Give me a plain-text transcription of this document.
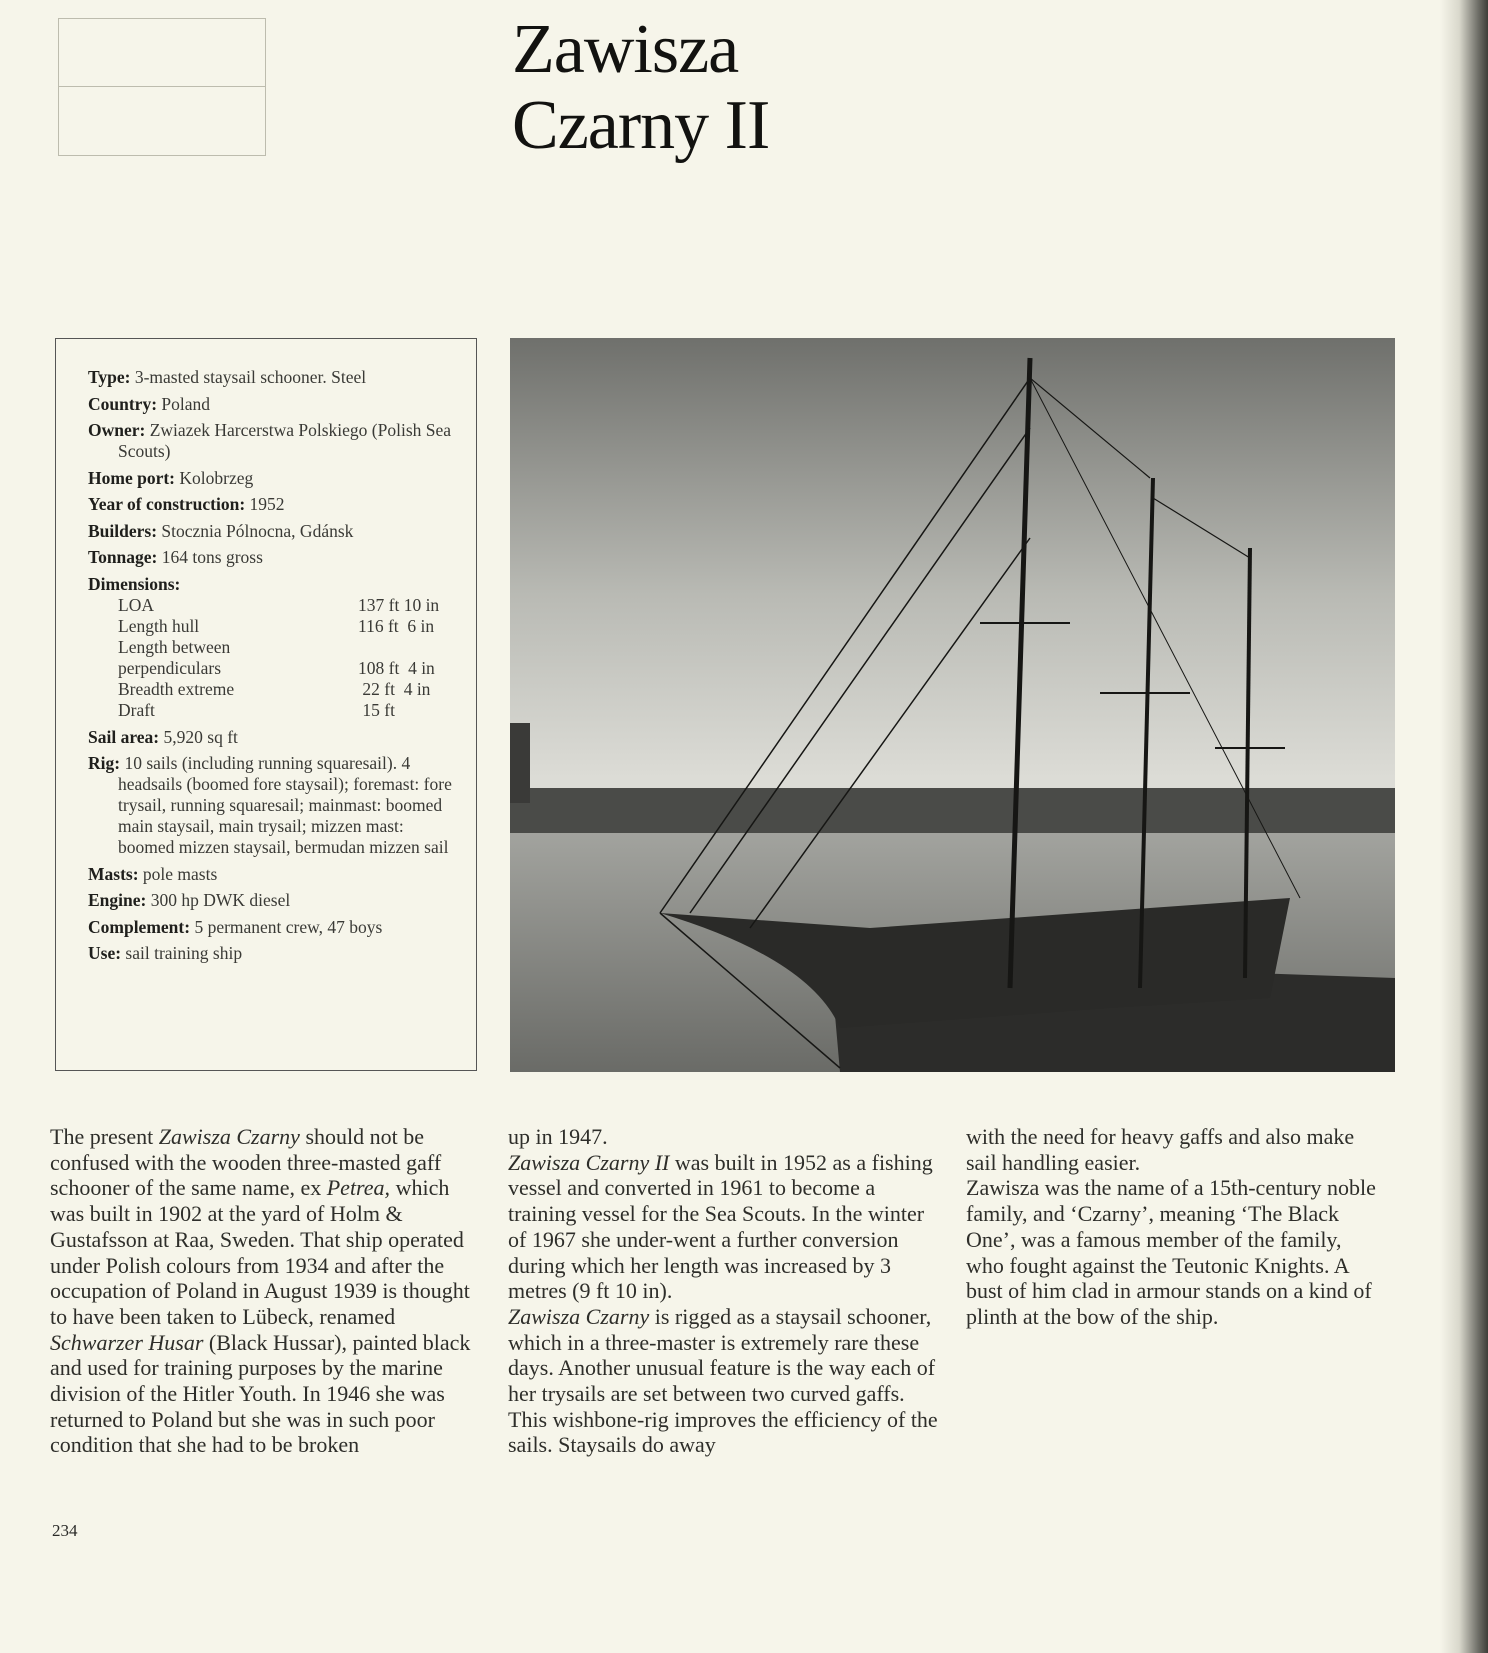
Zawisza
Czarny II
Type: 3-masted staysail schooner. Steel
Country: Poland
Owner: Zwiazek Harcerstwa Polskiego (Polish Sea Scouts)
Home port: Kolobrzeg
Year of construction: 1952
Builders: Stocznia Pólnocna, Gdánsk
Tonnage: 164 tons gross
Dimensions:
LOA	137 ft 10 in
Length hull	116 ft  6 in
Length between perpendiculars	108 ft  4 in
Breadth extreme	22 ft  4 in
Draft	15 ft
Sail area: 5,920 sq ft
Rig: 10 sails (including running squaresail). 4 headsails (boomed fore staysail); foremast: fore trysail, running squaresail; mainmast: boomed main staysail, main trysail; mizzen mast: boomed mizzen staysail, bermudan mizzen sail
Masts: pole masts
Engine: 300 hp DWK diesel
Complement: 5 permanent crew, 47 boys
Use: sail training ship

The present Zawisza Czarny should not be confused with the wooden three-masted gaff schooner of the same name, ex Petrea, which was built in 1902 at the yard of Holm & Gustafsson at Raa, Sweden. That ship operated under Polish colours from 1934 and after the occupation of Poland in August 1939 is thought to have been taken to Lübeck, renamed Schwarzer Husar (Black Hussar), painted black and used for training purposes by the marine division of the Hitler Youth. In 1946 she was returned to Poland but she was in such poor condition that she had to be broken

up in 1947.

Zawisza Czarny II was built in 1952 as a fishing vessel and converted in 1961 to become a training vessel for the Sea Scouts. In the winter of 1967 she under-went a further conversion during which her length was increased by 3 metres (9 ft 10 in).

Zawisza Czarny is rigged as a staysail schooner, which in a three-master is extremely rare these days. Another unusual feature is the way each of her trysails are set between two curved gaffs. This wishbone-rig improves the efficiency of the sails. Staysails do away

with the need for heavy gaffs and also make sail handling easier.

Zawisza was the name of a 15th-century noble family, and ‘Czarny’, meaning ‘The Black One’, was a famous member of the family, who fought against the Teutonic Knights. A bust of him clad in armour stands on a kind of plinth at the bow of the ship.

234
